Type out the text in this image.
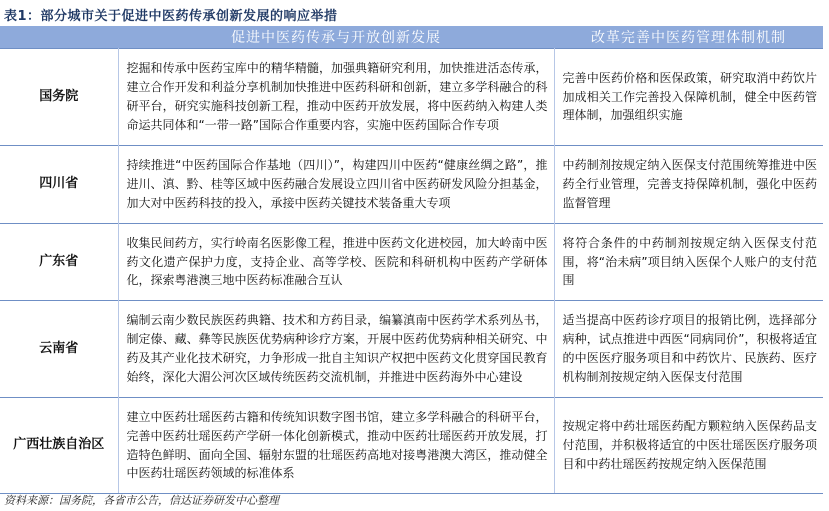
表1：部分城市关于促进中医药传承创新发展的响应举措
	促进中医药传承与开放创新发展	改革完善中医药管理体制机制
国务院	挖掘和传承中医药宝库中的精华精髓，加强典籍研究利用，加快推进活态传承，建立合作开发和利益分享机制加快推进中医药科研和创新，建立多学科融合的科研平台，研究实施科技创新工程，推动中医药开放发展，将中医药纳入构建人类命运共同体和“一带一路”国际合作重要内容，实施中医药国际合作专项	完善中医药价格和医保政策，研究取消中药饮片加成相关工作完善投入保障机制，健全中医药管理体制，加强组织实施
四川省	持续推进“中医药国际合作基地（四川）”，构建四川中医药“健康丝绸之路”，推进川、滇、黔、桂等区域中医药融合发展设立四川省中医药研发风险分担基金，加大对中医药科技的投入，承接中医药关键技术装备重大专项	中药制剂按规定纳入医保支付范围统筹推进中医药全行业管理，完善支持保障机制，强化中医药监督管理
广东省	收集民间药方，实行岭南名医影像工程，推进中医药文化进校园，加大岭南中医药文化遗产保护力度，支持企业、高等学校、医院和科研机构中医药产学研体化，探索粤港澳三地中医药标准融合互认	将符合条件的中药制剂按规定纳入医保支付范围，将“治未病”项目纳入医保个人账户的支付范围
云南省	编制云南少数民族医药典籍、技术和方药目录，编纂滇南中医药学术系列丛书，制定傣、藏、彝等民族医优势病种诊疗方案，开展中医药优势病种相关研究、中药及其产业化技术研究，力争形成一批自主知识产权把中医药文化贯穿国民教育始终，深化大湄公河次区域传统医药交流机制，并推进中医药海外中心建设	适当提高中医药诊疗项目的报销比例，选择部分病种，试点推进中西医“同病同价”，积极将适宜的中医医疗服务项目和中药饮片、民族药、医疗机构制剂按规定纳入医保支付范围
广西壮族自治区	建立中医药壮瑶医药古籍和传统知识数字图书馆，建立多学科融合的科研平台，完善中医药壮瑶医药产学研一体化创新模式，推动中医药壮瑶医药开放发展，打造特色鲜明、面向全国、辐射东盟的壮瑶医药高地对接粤港澳大湾区，推动健全中医药壮瑶医药领域的标准体系	按规定将中药壮瑶医药配方颗粒纳入医保药品支付范围，并积极将适宜的中医壮瑶医医疗服务项目和中药壮瑶医药按规定纳入医保范围
资料来源：国务院，各省市公告，信达证券研发中心整理
